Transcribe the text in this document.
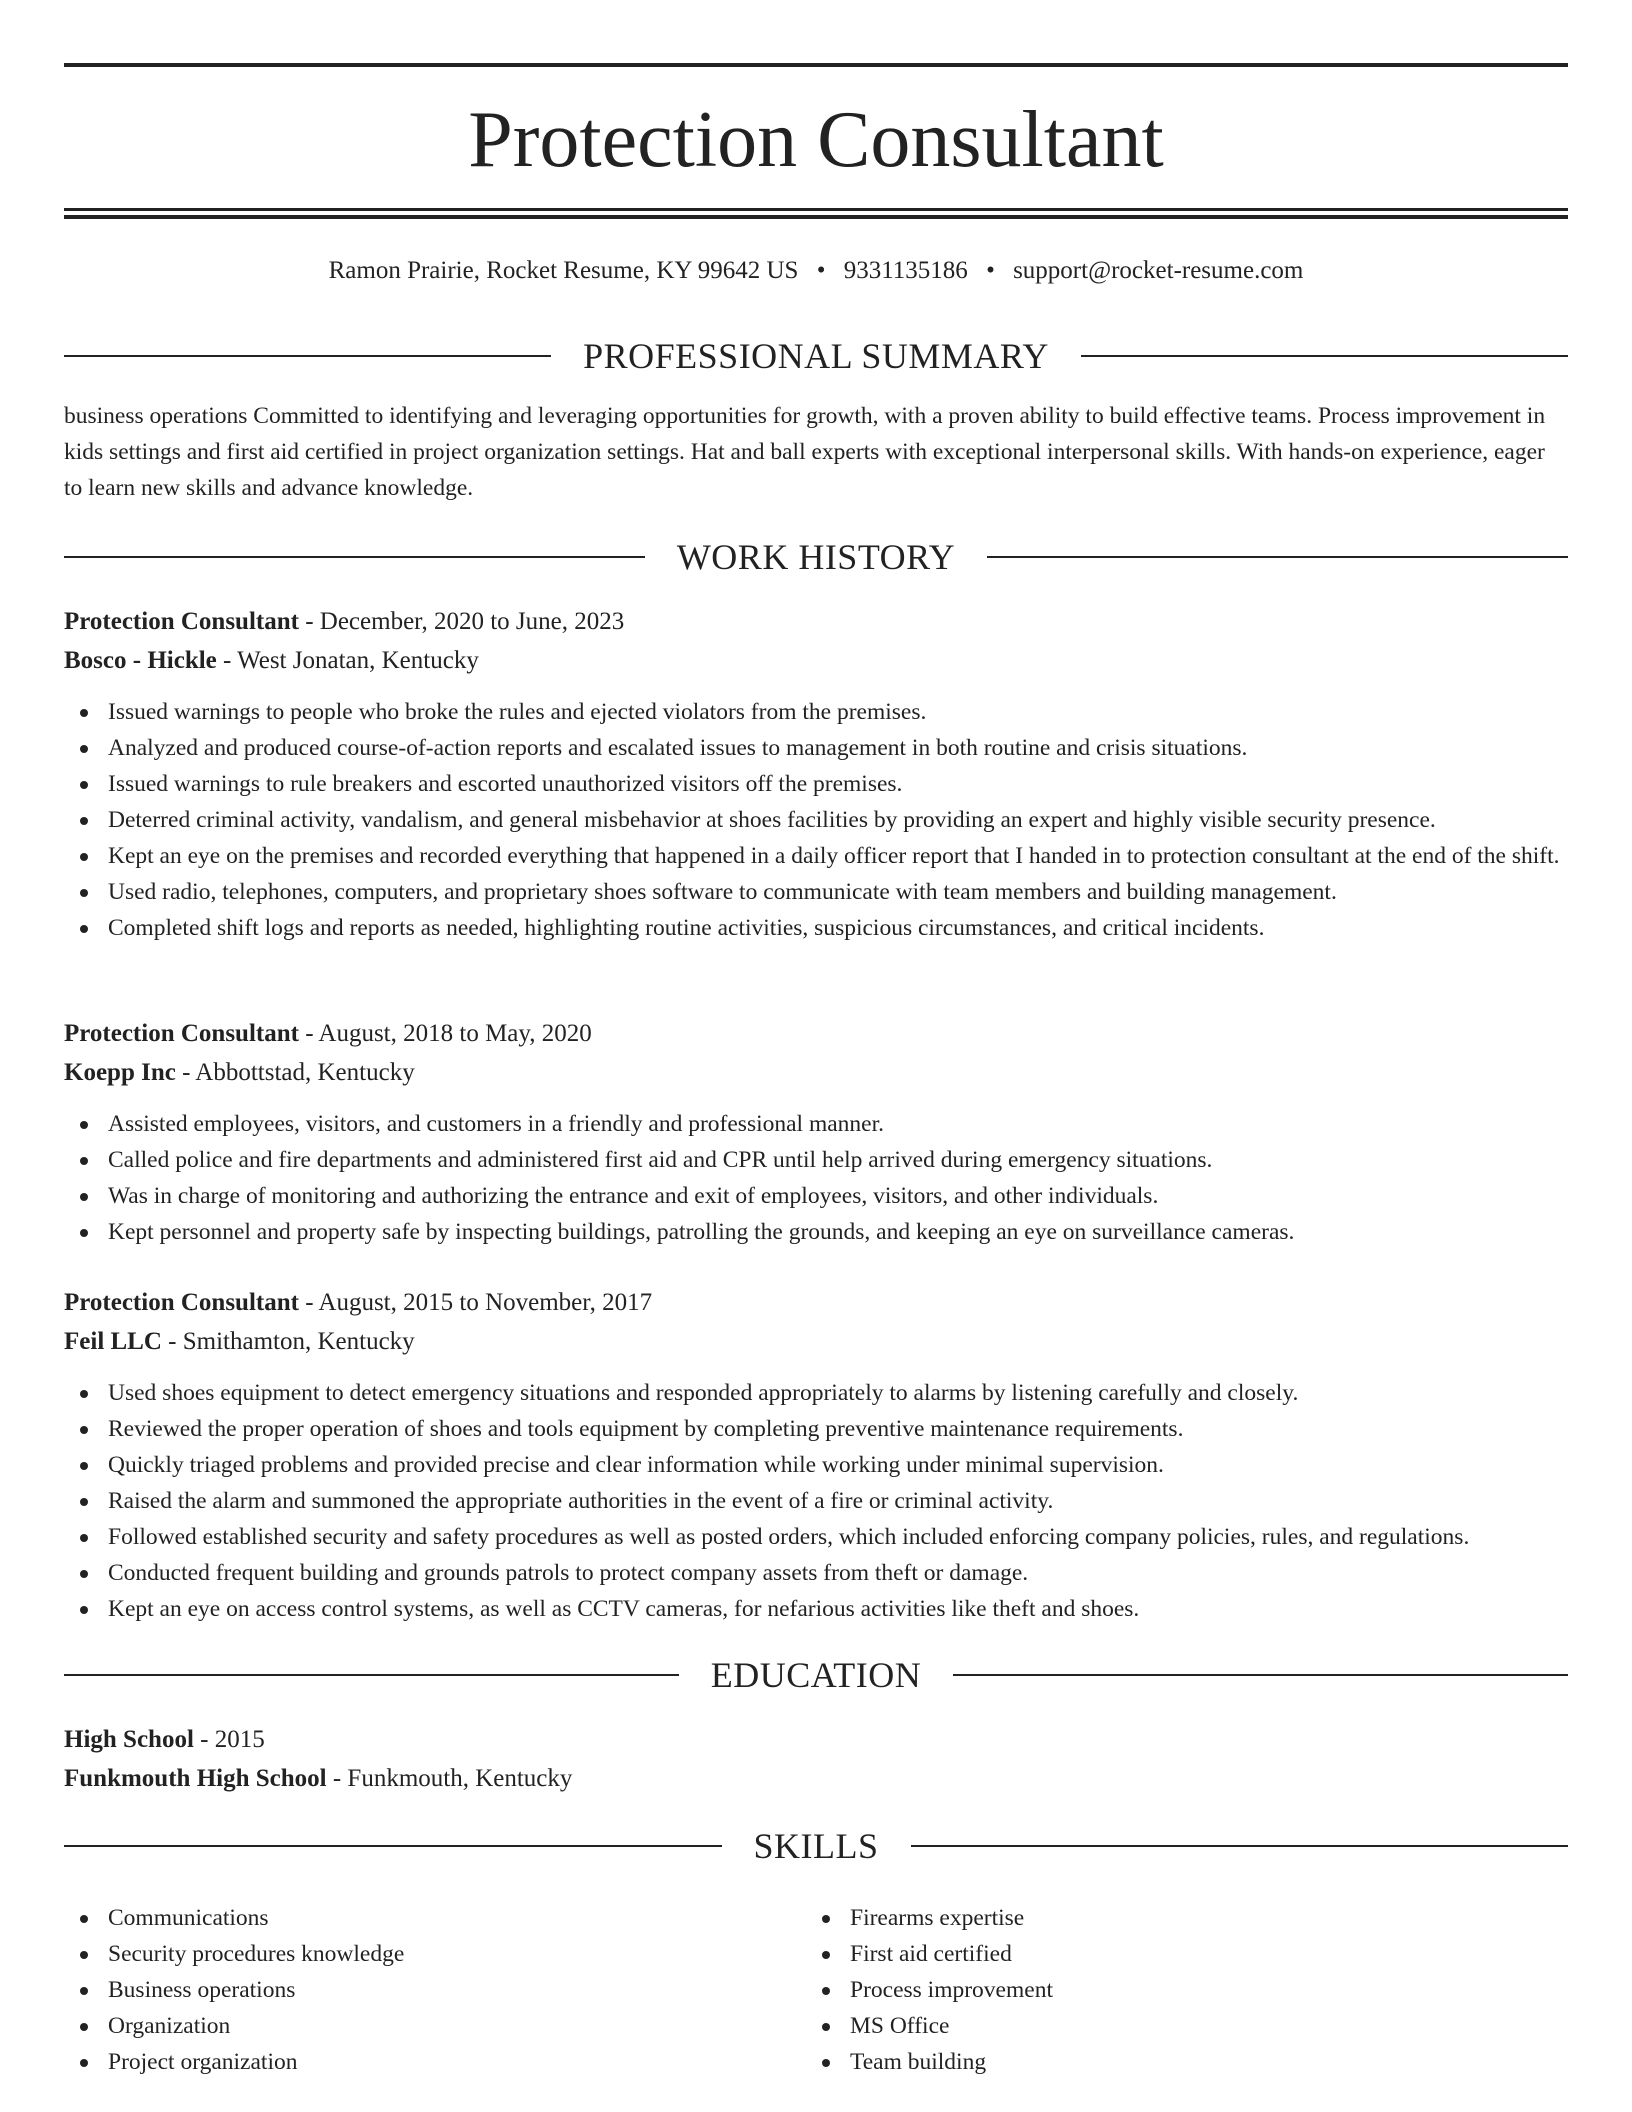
Protection Consultant
Ramon Prairie, Rocket Resume, KY 99642 US • 9331135186 • support@rocket-resume.com
PROFESSIONAL SUMMARY

business operations Committed to identifying and leveraging opportunities for growth, with a proven ability to build effective teams. Process improvement in kids settings and first aid certified in project organization settings. Hat and ball experts with exceptional interpersonal skills. With hands-on experience, eager to learn new skills and advance knowledge.

WORK HISTORY

Protection Consultant - December, 2020 to June, 2023

Bosco - Hickle - West Jonatan, Kentucky

Issued warnings to people who broke the rules and ejected violators from the premises.
Analyzed and produced course-of-action reports and escalated issues to management in both routine and crisis situations.
Issued warnings to rule breakers and escorted unauthorized visitors off the premises.
Deterred criminal activity, vandalism, and general misbehavior at shoes facilities by providing an expert and highly visible security presence.
Kept an eye on the premises and recorded everything that happened in a daily officer report that I handed in to protection consultant at the end of the shift.
Used radio, telephones, computers, and proprietary shoes software to communicate with team members and building management.
Completed shift logs and reports as needed, highlighting routine activities, suspicious circumstances, and critical incidents.

Protection Consultant - August, 2018 to May, 2020

Koepp Inc - Abbottstad, Kentucky

Assisted employees, visitors, and customers in a friendly and professional manner.
Called police and fire departments and administered first aid and CPR until help arrived during emergency situations.
Was in charge of monitoring and authorizing the entrance and exit of employees, visitors, and other individuals.
Kept personnel and property safe by inspecting buildings, patrolling the grounds, and keeping an eye on surveillance cameras.

Protection Consultant - August, 2015 to November, 2017

Feil LLC - Smithamton, Kentucky

Used shoes equipment to detect emergency situations and responded appropriately to alarms by listening carefully and closely.
Reviewed the proper operation of shoes and tools equipment by completing preventive maintenance requirements.
Quickly triaged problems and provided precise and clear information while working under minimal supervision.
Raised the alarm and summoned the appropriate authorities in the event of a fire or criminal activity.
Followed established security and safety procedures as well as posted orders, which included enforcing company policies, rules, and regulations.
Conducted frequent building and grounds patrols to protect company assets from theft or damage.
Kept an eye on access control systems, as well as CCTV cameras, for nefarious activities like theft and shoes.
EDUCATION

High School - 2015

Funkmouth High School - Funkmouth, Kentucky

SKILLS
Communications
Security procedures knowledge
Business operations
Organization
Project organization
Firearms expertise
First aid certified
Process improvement
MS Office
Team building
